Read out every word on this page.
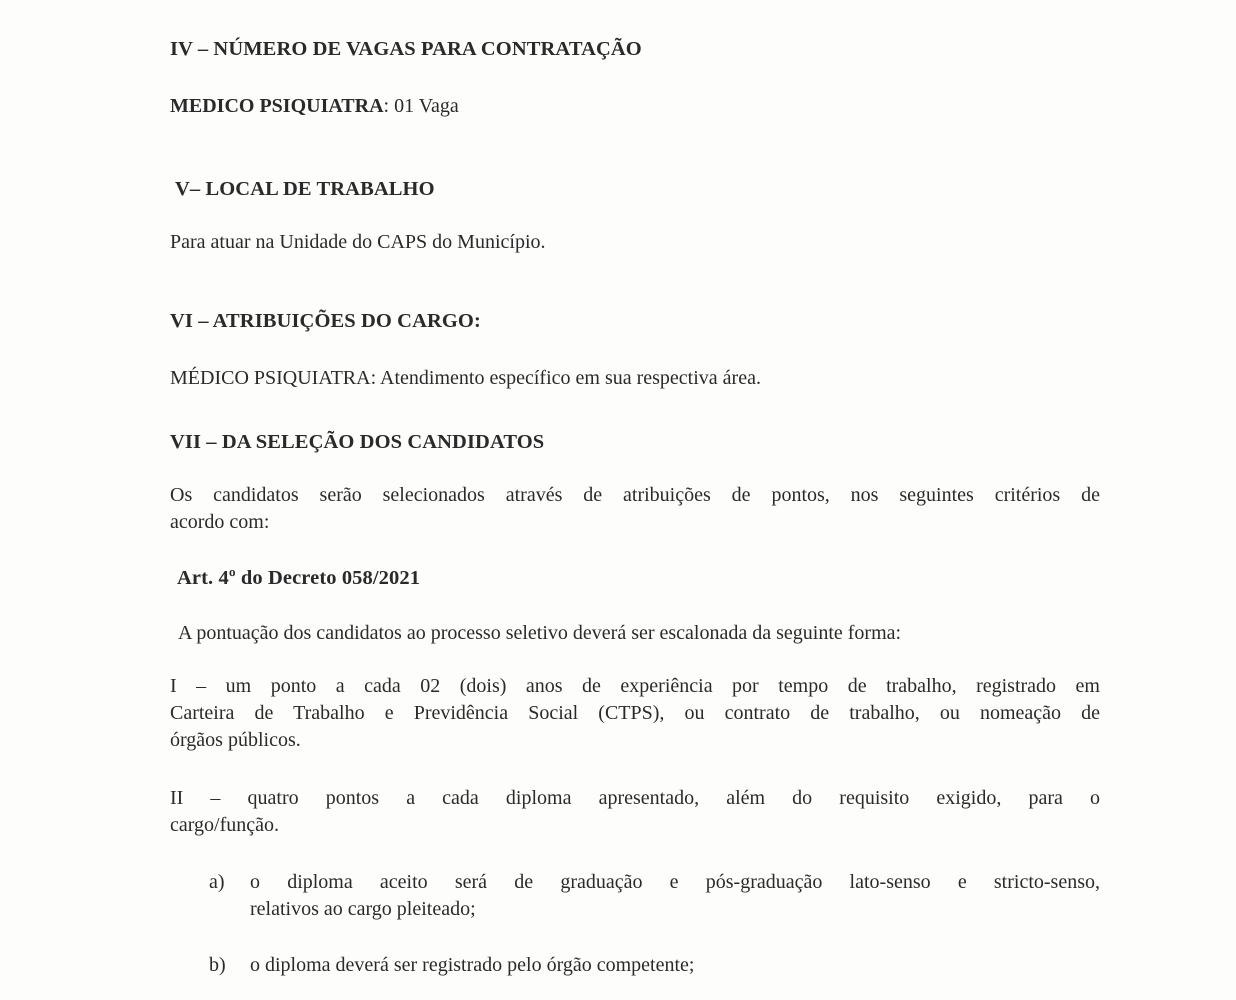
IV – NÚMERO DE VAGAS PARA CONTRATAÇÃO

MEDICO PSIQUIATRA: 01 Vaga

V– LOCAL DE TRABALHO

Para atuar na Unidade do CAPS do Município.

VI – ATRIBUIÇÕES DO CARGO:

MÉDICO PSIQUIATRA: Atendimento específico em sua respectiva área.

VII – DA SELEÇÃO DOS CANDIDATOS

Os candidatos serão selecionados através de atribuições de pontos, nos seguintes critérios de

acordo com:

Art. 4º do Decreto 058/2021

A pontuação dos candidatos ao processo seletivo deverá ser escalonada da seguinte forma:

I – um ponto a cada 02 (dois) anos de experiência por tempo de trabalho, registrado em

Carteira de Trabalho e Previdência Social (CTPS), ou contrato de trabalho, ou nomeação de

órgãos públicos.

II – quatro pontos a cada diploma apresentado, além do requisito exigido, para o

cargo/função.

a) o diploma aceito será de graduação e pós-graduação lato-senso e stricto-senso,

relativos ao cargo pleiteado;

b) o diploma deverá ser registrado pelo órgão competente;
